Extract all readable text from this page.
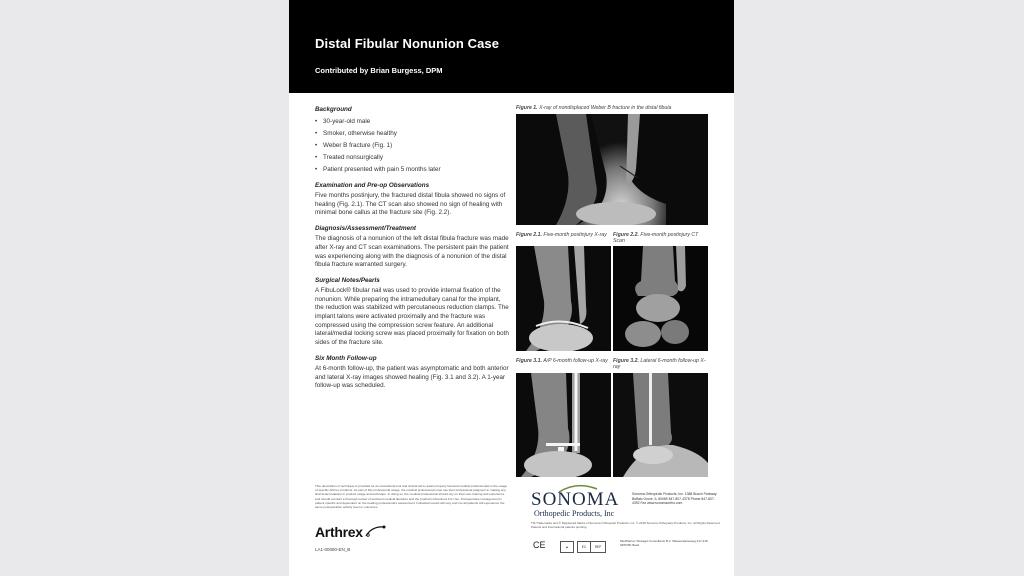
Distal Fibular Nonunion Case
Contributed by Brian Burgess, DPM
Background
• 30-year-old male
• Smoker, otherwise healthy
• Weber B fracture (Fig. 1)
• Treated nonsurgically
• Patient presented with pain 5 months later
Examination and Pre-op Observations

Five months postinjury, the fractured distal fibula showed no signs of healing (Fig. 2.1). The CT scan also showed no sign of healing with minimal bone callus at the fracture site (Fig. 2.2).

Diagnosis/Assessment/Treatment

The diagnosis of a nonunion of the left distal fibula fracture was made after X-ray and CT scan examinations. The persistent pain the patient was experiencing along with the diagnosis of a nonunion of the distal fibula fracture warranted surgery.

Surgical Notes/Pearls

A FibuLock® fibular nail was used to provide internal fixation of the nonunion. While preparing the intramedullary canal for the implant, the reduction was stabilized with percutaneous reduction clamps. The implant talons were activated proximally and the fracture was compressed using the compression screw feature. An additional lateral/medial locking screw was placed proximally for fixation on both sides of the fracture site.

Six Month Follow-up

At 6-month follow-up, the patient was asymptomatic and both anterior and lateral X-ray images showed healing (Fig. 3.1 and 3.2). A 1-year follow-up was scheduled.

Figure 1. X-ray of nondisplaced Weber B fracture in the distal fibula
Figure 2.1. Five-month postinjury X-ray	Figure 2.2. Five-month postinjury CT Scan
Figure 3.1. A/P 6-month follow-up X-ray Figure 3.2. Lateral 6-month follow-up X-ray
This description of technique is provided as an educational tool and clinical aid to assist properly licensed medical professionals in the usage of specific Arthrex products. As part of this professional usage, the medical professional must use their professional judgment in making any final determinations in product usage and technique. In doing so, the medical professional should rely on their own training and experience and should conduct a thorough review of pertinent medical literature and the product's Directions For Use. Postoperative management is patient specific and dependent on the treating professional's assessment. Individual results will vary and not all patients will experience the same postoperative activity level or outcomes.
Arthrex
LA1-00080-EN_B
SONOMA
Orthopedic Products, Inc
Sonoma Orthopedic Products, Inc. 1388 Busch Parkway Buffalo Grove, IL 60089 847-807-4378 Phone 847-807-4392 Fax www.sonomaortho.com
TM Trademarks and ® Registered Marks of Sonoma Orthopedic Products, Inc. © 2018 Sonoma Orthopedic Products, Inc. All Rights Reserved. Patents and international patents pending.
CE	▲	EC	REP
MedPartner Strategic Consultants B.V. Wassenaarseweg 217-218 9255 BK Beek
